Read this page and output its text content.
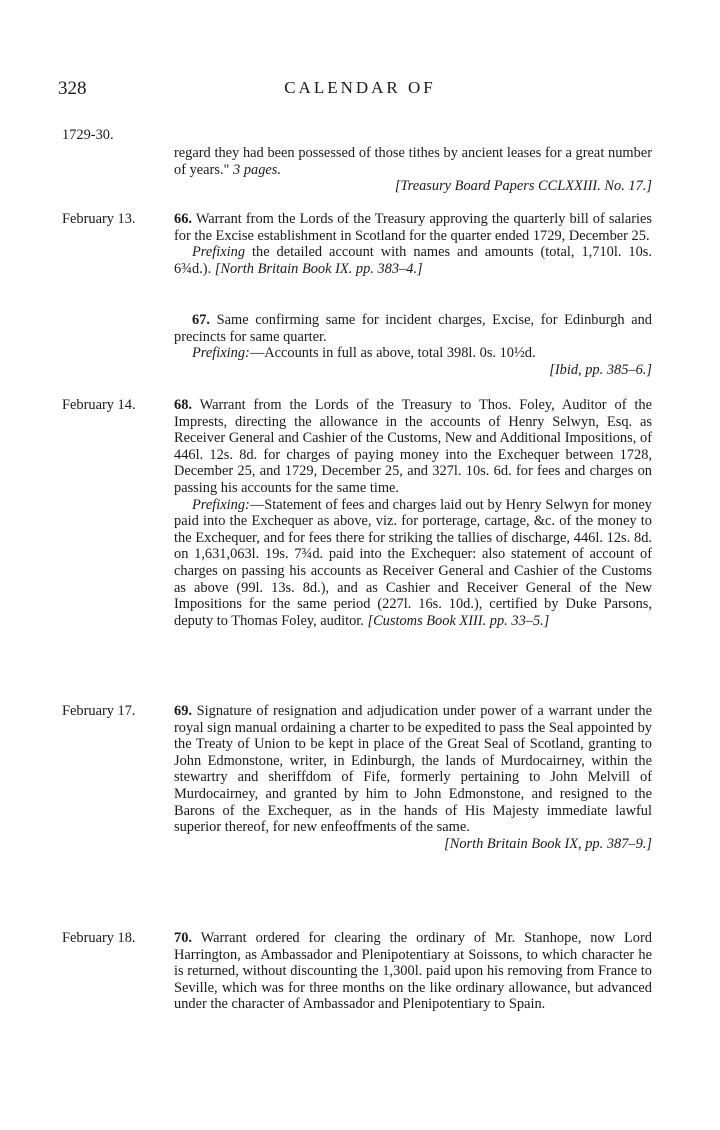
328	CALENDAR OF
1729-30.

regard they had been possessed of those tithes by ancient leases for a great number of years." 3 pages.

[Treasury Board Papers CCLXXIII. No. 17.]

February 13.	66. Warrant from the Lords of the Treasury approving the quarterly bill of salaries for the Excise establishment in Scotland for the quarter ended 1729, December 25.

Prefixing the detailed account with names and amounts (total, 1,710l. 10s. 6¾d.). [North Britain Book IX. pp. 383–4.]

67. Same confirming same for incident charges, Excise, for Edinburgh and precincts for same quarter.

Prefixing:—Accounts in full as above, total 398l. 0s. 10½d.

[Ibid, pp. 385–6.]

February 14.	68. Warrant from the Lords of the Treasury to Thos. Foley, Auditor of the Imprests, directing the allowance in the accounts of Henry Selwyn, Esq. as Receiver General and Cashier of the Customs, New and Additional Impositions, of 446l. 12s. 8d. for charges of paying money into the Exchequer between 1728, December 25, and 1729, December 25, and 327l. 10s. 6d. for fees and charges on passing his accounts for the same time.

Prefixing:—Statement of fees and charges laid out by Henry Selwyn for money paid into the Exchequer as above, viz. for porterage, cartage, &c. of the money to the Exchequer, and for fees there for striking the tallies of discharge, 446l. 12s. 8d. on 1,631,063l. 19s. 7¾d. paid into the Exchequer: also statement of account of charges on passing his accounts as Receiver General and Cashier of the Customs as above (99l. 13s. 8d.), and as Cashier and Receiver General of the New Impositions for the same period (227l. 16s. 10d.), certified by Duke Parsons, deputy to Thomas Foley, auditor. [Customs Book XIII. pp. 33–5.]

February 17.	69. Signature of resignation and adjudication under power of a warrant under the royal sign manual ordaining a charter to be expedited to pass the Seal appointed by the Treaty of Union to be kept in place of the Great Seal of Scotland, granting to John Edmonstone, writer, in Edinburgh, the lands of Murdocairney, within the stewartry and sheriffdom of Fife, formerly pertaining to John Melvill of Murdocairney, and granted by him to John Edmonstone, and resigned to the Barons of the Exchequer, as in the hands of His Majesty immediate lawful superior thereof, for new enfeoffments of the same.

[North Britain Book IX, pp. 387–9.]

February 18.	70. Warrant ordered for clearing the ordinary of Mr. Stanhope, now Lord Harrington, as Ambassador and Plenipotentiary at Soissons, to which character he is returned, without discounting the 1,300l. paid upon his removing from France to Seville, which was for three months on the like ordinary allowance, but advanced under the character of Ambassador and Plenipotentiary to Spain.
